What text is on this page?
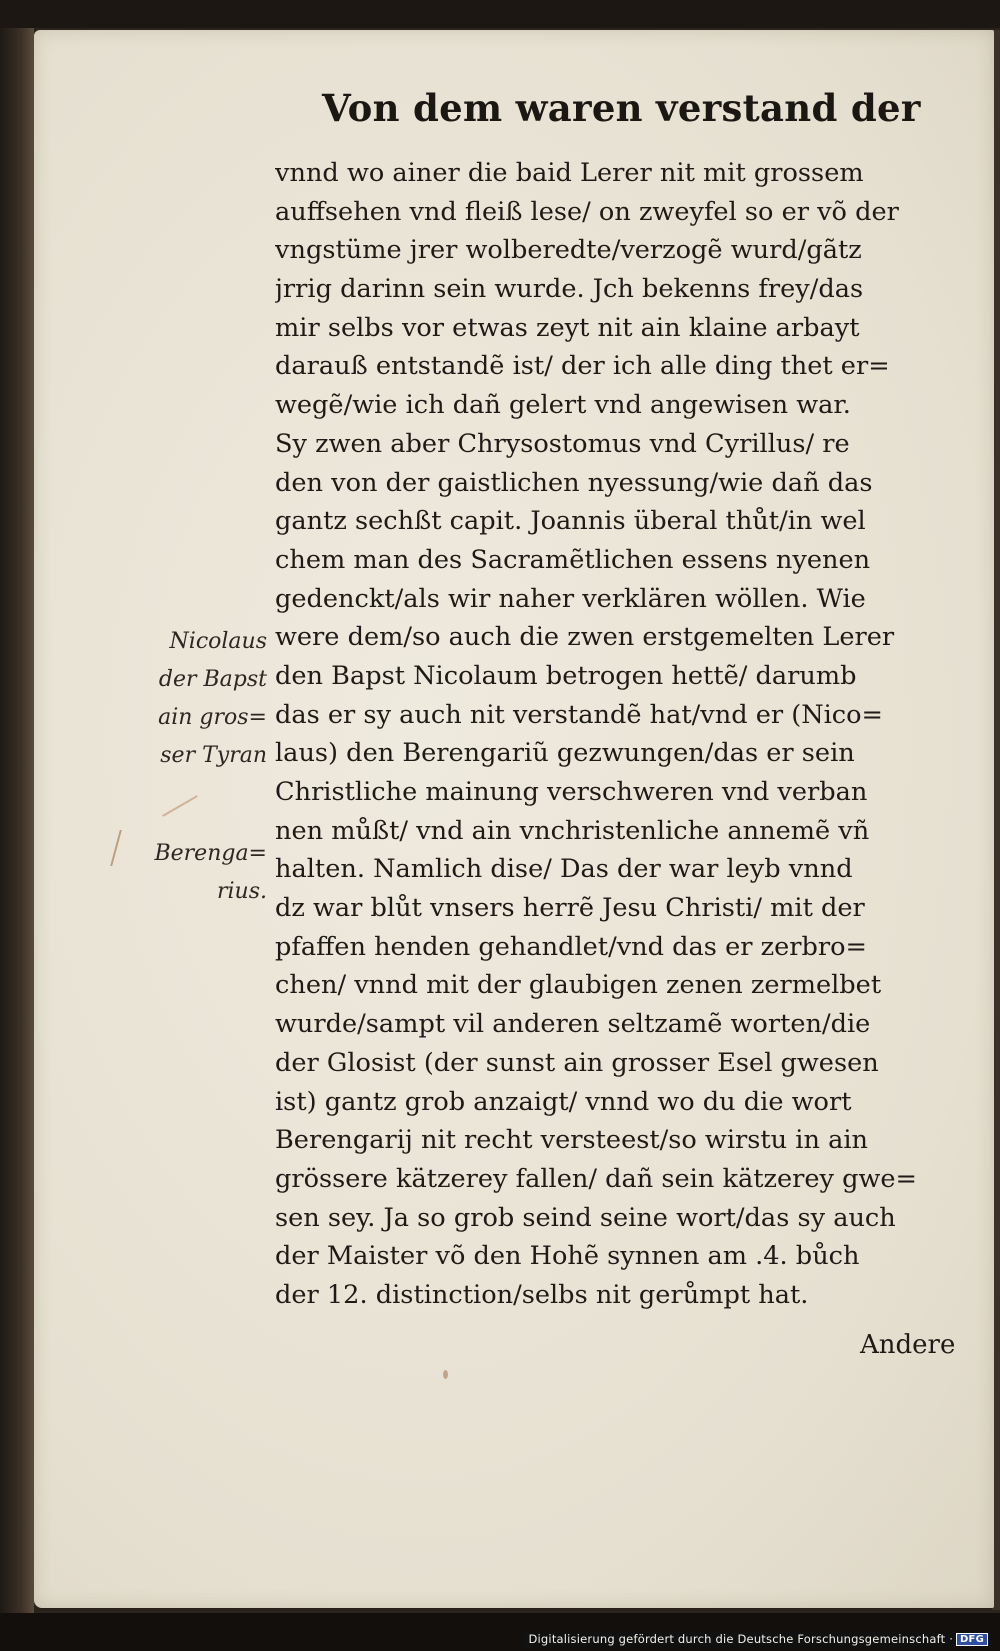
Von dem waren verstand der
vnnd wo ainer die baid Lerer nit mit grossem
auffsehen vnd fleiß lese/ on zweyfel so er võ der
vngstüme jrer wolberedte/verzogẽ wurd/gãtz
jrrig darinn sein wurde. Jch bekenns frey/das
mir selbs vor etwas zeyt nit ain klaine arbayt
darauß entstandẽ ist/ der ich alle ding thet er=
wegẽ/wie ich dañ gelert vnd angewisen war.
Sy zwen aber Chrysostomus vnd Cyrillus/ re
den von der gaistlichen nyessung/wie dañ das
gantz sechßt capit. Joannis überal thůt/in wel
chem man des Sacramẽtlichen essens nyenen
gedenckt/als wir naher verklären wöllen. Wie
were dem/so auch die zwen erstgemelten Lerer
den Bapst Nicolaum betrogen hettẽ/ darumb
das er sy auch nit verstandẽ hat/vnd er (Nico=
laus) den Berengariũ gezwungen/das er sein
Christliche mainung verschweren vnd verban
nen můßt/ vnd ain vnchristenliche annemẽ vñ
halten. Namlich dise/ Das der war leyb vnnd
dz war blůt vnsers herrẽ Jesu Christi/ mit der
pfaffen henden gehandlet/vnd das er zerbro=
chen/ vnnd mit der glaubigen zenen zermelbet
wurde/sampt vil anderen seltzamẽ worten/die
der Glosist (der sunst ain grosser Esel gwesen
ist) gantz grob anzaigt/ vnnd wo du die wort
Berengarij nit recht versteest/so wirstu in ain
grössere kätzerey fallen/ dañ sein kätzerey gwe=
sen sey. Ja so grob seind seine wort/das sy auch
der Maister võ den Hohẽ synnen am .4. bůch
der 12. distinction/selbs nit gerůmpt hat.
Nicolaus
der Bapst
ain gros=
ser Tyran
Berenga=
rius.
Andere
Digitalisierung gefördert durch die Deutsche Forschungsgemeinschaft · DFG
